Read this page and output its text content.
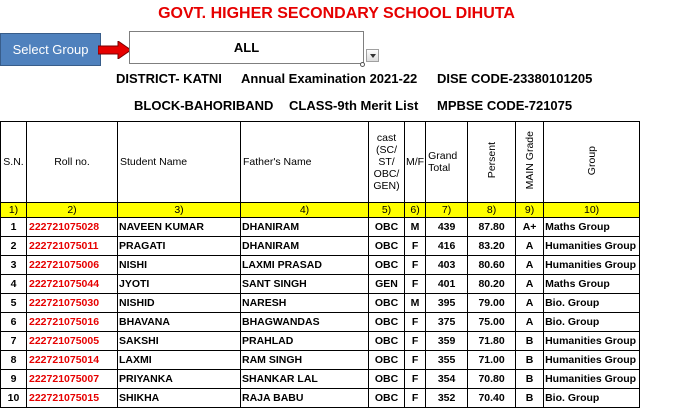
GOVT. HIGHER SECONDARY SCHOOL DIHUTA
Select Group	ALL
DISTRICT- KATNI Annual Examination 2021-22 DISE CODE-23380101205
BLOCK-BAHORIBAND CLASS-9th Merit List MPBSE CODE-721075
S.N.	Roll no.	Student Name	Father's Name	cast (SC/ ST/ OBC/ GEN)	M/F	Grand Total	Persent	MAIN Grade	Group
1)	2)	3)	4)	5)	6)	7)	8)	9)	10)
1	222721075028	NAVEEN KUMAR	DHANIRAM	OBC	M	439	87.80	A+	Maths Group
2	222721075011	PRAGATI	DHANIRAM	OBC	F	416	83.20	A	Humanities Group
3	222721075006	NISHI	LAXMI PRASAD	OBC	F	403	80.60	A	Humanities Group
4	222721075044	JYOTI	SANT SINGH	GEN	F	401	80.20	A	Maths Group
5	222721075030	NISHID	NARESH	OBC	M	395	79.00	A	Bio. Group
6	222721075016	BHAVANA	BHAGWANDAS	OBC	F	375	75.00	A	Bio. Group
7	222721075005	SAKSHI	PRAHLAD	OBC	F	359	71.80	B	Humanities Group
8	222721075014	LAXMI	RAM SINGH	OBC	F	355	71.00	B	Humanities Group
9	222721075007	PRIYANKA	SHANKAR LAL	OBC	F	354	70.80	B	Humanities Group
10	222721075015	SHIKHA	RAJA BABU	OBC	F	352	70.40	B	Bio. Group
